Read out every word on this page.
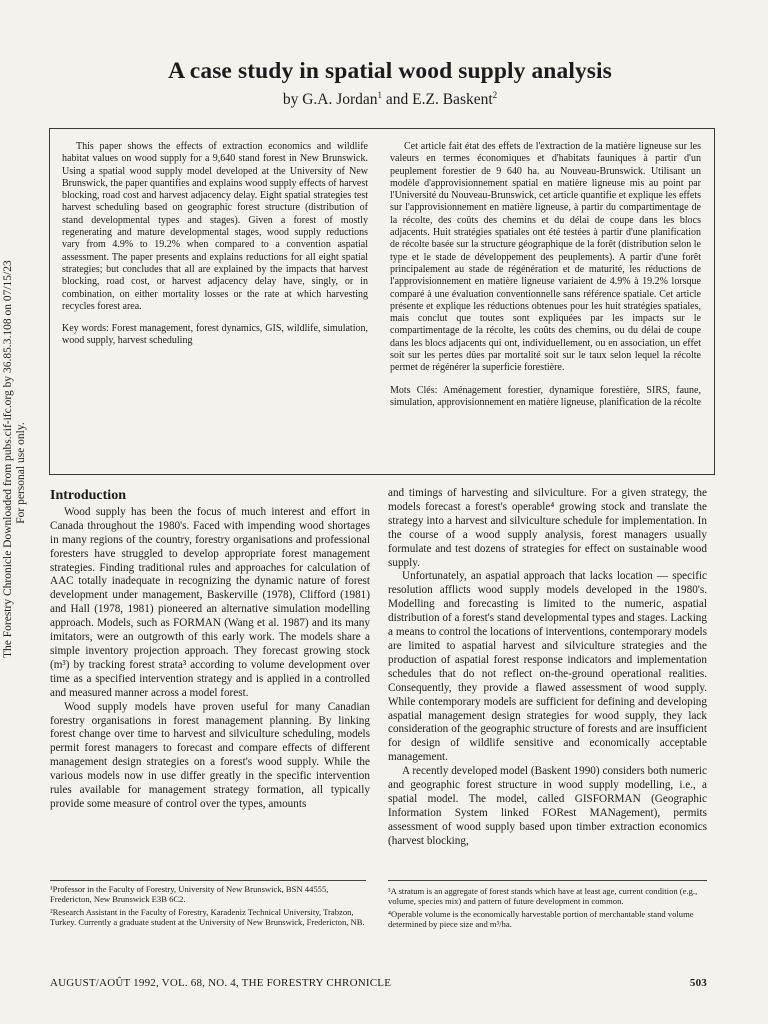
The Forestry Chronicle Downloaded from pubs.cif-ifc.org by 36.85.3.108 on 07/15/23 For personal use only.
A case study in spatial wood supply analysis
by G.A. Jordan$^1$ and E.Z. Baskent$^2$

This paper shows the effects of extraction economics and wildlife habitat values on wood supply for a 9,640 stand forest in New Brunswick. Using a spatial wood supply model developed at the University of New Brunswick, the paper quantifies and explains wood supply effects of harvest blocking, road cost and harvest adjacency delay. Eight spatial strategies test harvest scheduling based on geographic forest structure (distribution of stand developmental types and stages). Given a forest of mostly regenerating and mature developmental stages, wood supply reductions vary from 4.9% to 19.2% when compared to a convention aspatial assessment. The paper presents and explains reductions for all eight spatial strategies; but concludes that all are explained by the impacts that harvest blocking, road cost, or harvest adjacency delay have, singly, or in combination, on either mortality losses or the rate at which harvesting recycles forest area.

Key words: Forest management, forest dynamics, GIS, wildlife, simulation, wood supply, harvest scheduling

Cet article fait état des effets de l'extraction de la matière ligneuse sur les valeurs en termes économiques et d'habitats fauniques à partir d'un peuplement forestier de 9 640 ha. au Nouveau-Brunswick. Utilisant un modèle d'approvisionnement spatial en matière ligneuse mis au point par l'Université du Nouveau-Brunswick, cet article quantifie et explique les effets sur l'approvisionnement en matière ligneuse, à partir du compartimentage de la récolte, des coûts des chemins et du délai de coupe dans les blocs adjacents. Huit stratégies spatiales ont été testées à partir d'une planification de récolte basée sur la structure géographique de la forêt (distribution selon le type et le stade de développement des peuplements). A partir d'une forêt principalement au stade de régénération et de maturité, les réductions de l'approvisionnement en matière ligneuse variaient de 4.9% à 19.2% lorsque comparé à une évaluation conventionnelle sans référence spatiale. Cet article présente et explique les réductions obtenues pour les huit stratégies spatiales, mais conclut que toutes sont expliquées par les impacts sur le compartimentage de la récolte, les coûts des chemins, ou du délai de coupe dans les blocs adjacents qui ont, individuellement, ou en association, un effet soit sur les pertes dûes par mortalité soit sur le taux selon lequel la récolte permet de régénérer la superficie forestière.

Mots Clés: Aménagement forestier, dynamique forestière, SIRS, faune, simulation, approvisionnement en matière ligneuse, planification de la récolte

Introduction

Wood supply has been the focus of much interest and effort in Canada throughout the 1980's. Faced with impending wood shortages in many regions of the country, forestry organisations and professional foresters have struggled to develop appropriate forest management strategies. Finding traditional rules and approaches for calculation of AAC totally inadequate in recognizing the dynamic nature of forest development under management, Baskerville (1978), Clifford (1981) and Hall (1978, 1981) pioneered an alternative simulation modelling approach. Models, such as FORMAN (Wang et al. 1987) and its many imitators, were an outgrowth of this early work. The models share a simple inventory projection approach. They forecast growing stock (m³) by tracking forest strata³ according to volume development over time as a specified intervention strategy and is applied in a controlled and measured manner across a model forest.

Wood supply models have proven useful for many Canadian forestry organisations in forest management planning. By linking forest change over time to harvest and silviculture scheduling, models permit forest managers to forecast and compare effects of different management design strategies on a forest's wood supply. While the various models now in use differ greatly in the specific intervention rules available for management strategy formation, all typically provide some measure of control over the types, amounts

and timings of harvesting and silviculture. For a given strategy, the models forecast a forest's operable⁴ growing stock and translate the strategy into a harvest and silviculture schedule for implementation. In the course of a wood supply analysis, forest managers usually formulate and test dozens of strategies for effect on sustainable wood supply.

Unfortunately, an aspatial approach that lacks location — specific resolution afflicts wood supply models developed in the 1980's. Modelling and forecasting is limited to the numeric, aspatial distribution of a forest's stand developmental types and stages. Lacking a means to control the locations of interventions, contemporary models are limited to aspatial harvest and silviculture strategies and the production of aspatial forest response indicators and implementation schedules that do not reflect on-the-ground operational realities. Consequently, they provide a flawed assessment of wood supply. While contemporary models are sufficient for defining and developing aspatial management design strategies for wood supply, they lack consideration of the geographic structure of forests and are insufficient for design of wildlife sensitive and economically acceptable management.

A recently developed model (Baskent 1990) considers both numeric and geographic forest structure in wood supply modelling, i.e., a spatial model. The model, called GISFORMAN (Geographic Information System linked FORest MANagement), permits assessment of wood supply based upon timber extraction economics (harvest blocking,

¹Professor in the Faculty of Forestry, University of New Brunswick, BSN 44555, Fredericton, New Brunswick E3B 6C2.

²Research Assistant in the Faculty of Forestry, Karadeniz Technical University, Trabzon, Turkey. Currently a graduate student at the University of New Brunswick, Fredericton, NB.

³A stratum is an aggregate of forest stands which have at least age, current condition (e.g., volume, species mix) and pattern of future development in common.

⁴Operable volume is the economically harvestable portion of merchantable stand volume determined by piece size and m³/ha.

AUGUST/AOÛT 1992, VOL. 68, NO. 4, THE FORESTRY CHRONICLE	503
